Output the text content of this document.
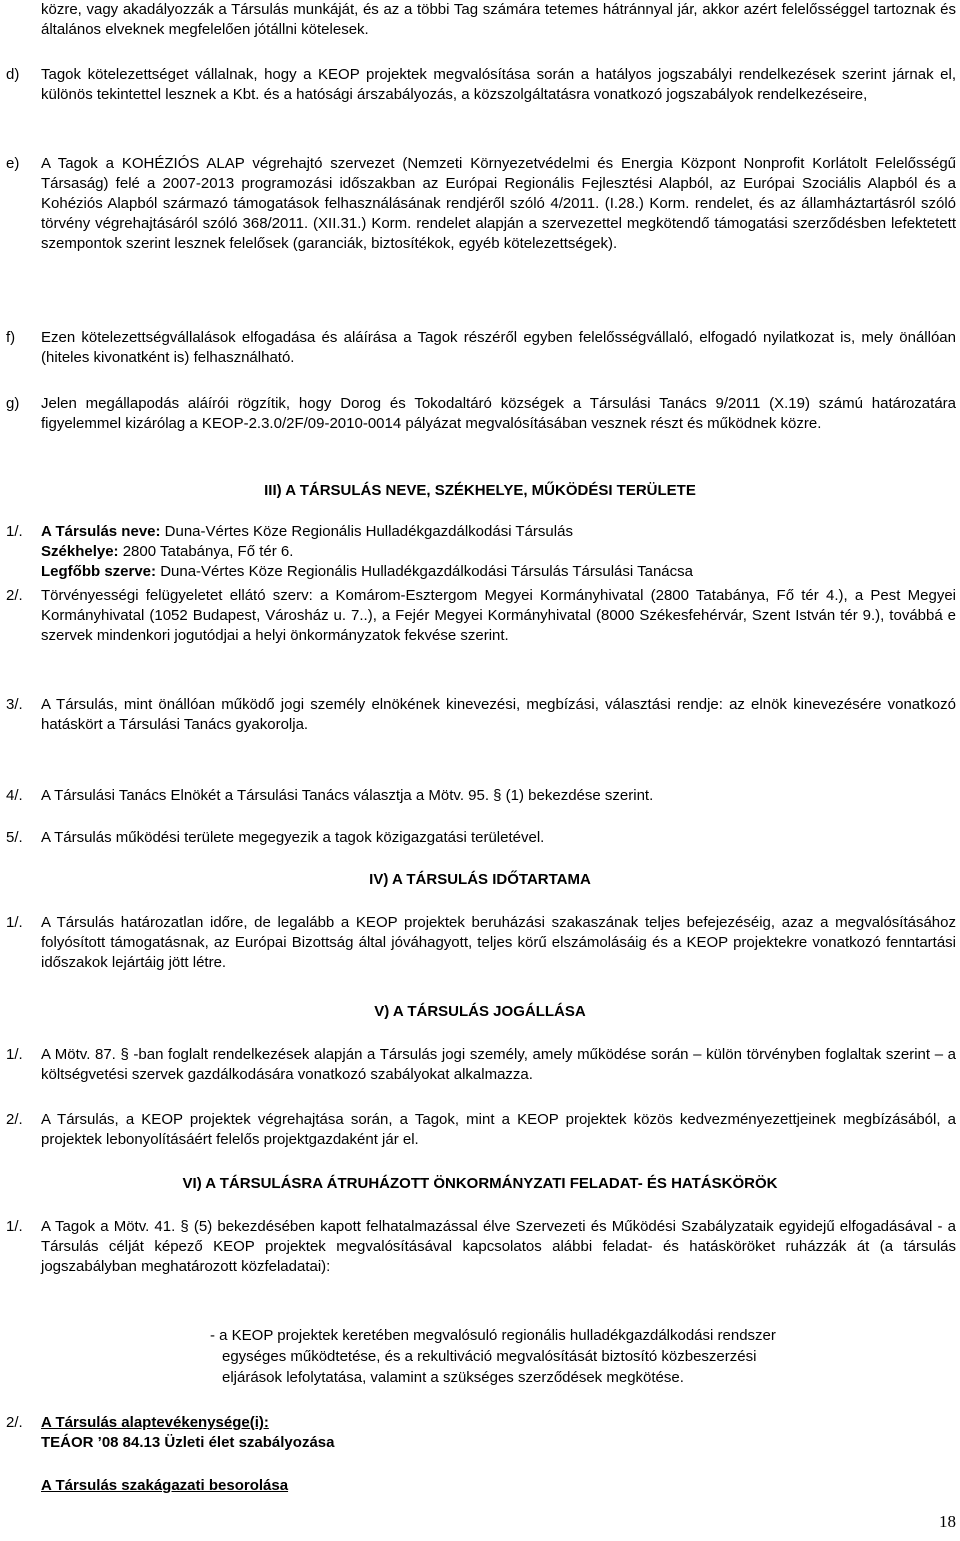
közre, vagy akadályozzák a Társulás munkáját, és az a többi Tag számára tetemes hátránnyal jár, akkor azért felelősséggel tartoznak és általános elveknek megfelelően jótállni kötelesek.
d) Tagok kötelezettséget vállalnak, hogy a KEOP projektek megvalósítása során a hatályos jogszabályi rendelkezések szerint járnak el, különös tekintettel lesznek a Kbt. és a hatósági árszabályozás, a közszolgáltatásra vonatkozó jogszabályok rendelkezéseire,
e) A Tagok a KOHÉZIÓS ALAP végrehajtó szervezet (Nemzeti Környezetvédelmi és Energia Központ Nonprofit Korlátolt Felelősségű Társaság) felé a 2007-2013 programozási időszakban az Európai Regionális Fejlesztési Alapból, az Európai Szociális Alapból és a Kohéziós Alapból származó támogatások felhasználásának rendjéről szóló 4/2011. (I.28.) Korm. rendelet, és az államháztartásról szóló törvény végrehajtásáról szóló 368/2011. (XII.31.) Korm. rendelet alapján a szervezettel megkötendő támogatási szerződésben lefektetett szempontok szerint lesznek felelősek (garanciák, biztosítékok, egyéb kötelezettségek).
f) Ezen kötelezettségvállalások elfogadása és aláírása a Tagok részéről egyben felelősségvállaló, elfogadó nyilatkozat is, mely önállóan (hiteles kivonatként is) felhasználható.
g) Jelen megállapodás aláírói rögzítik, hogy Dorog és Tokodaltáró községek a Társulási Tanács 9/2011 (X.19) számú határozatára figyelemmel kizárólag a KEOP-2.3.0/2F/09-2010-0014 pályázat megvalósításában vesznek részt és működnek közre.
III) A TÁRSULÁS NEVE, SZÉKHELYE, MŰKÖDÉSI TERÜLETE
1/. A Társulás neve: Duna-Vértes Köze Regionális Hulladékgazdálkodási Társulás
Székhelye: 2800 Tatabánya, Fő tér 6.
Legfőbb szerve: Duna-Vértes Köze Regionális Hulladékgazdálkodási Társulás Társulási Tanácsa
2/. Törvényességi felügyeletet ellátó szerv: a Komárom-Esztergom Megyei Kormányhivatal (2800 Tatabánya, Fő tér 4.), a Pest Megyei Kormányhivatal (1052 Budapest, Városház u. 7..), a Fejér Megyei Kormányhivatal (8000 Székesfehérvár, Szent István tér 9.), továbbá e szervek mindenkori jogutódjai a helyi önkormányzatok fekvése szerint.
3/. A Társulás, mint önállóan működő jogi személy elnökének kinevezési, megbízási, választási rendje: az elnök kinevezésére vonatkozó hatáskört a Társulási Tanács gyakorolja.
4/. A Társulási Tanács Elnökét a Társulási Tanács választja a Mötv. 95. § (1) bekezdése szerint.
5/. A Társulás működési területe megegyezik a tagok közigazgatási területével.
IV) A TÁRSULÁS IDŐTARTAMA
1/. A Társulás határozatlan időre, de legalább a KEOP projektek beruházási szakaszának teljes befejezéséig, azaz a megvalósításához folyósított támogatásnak, az Európai Bizottság által jóváhagyott, teljes körű elszámolásáig és a KEOP projektekre vonatkozó fenntartási időszakok lejártáig jött létre.
V) A TÁRSULÁS JOGÁLLÁSA
1/. A Mötv. 87. § -ban foglalt rendelkezések alapján a Társulás jogi személy, amely működése során – külön törvényben foglaltak szerint – a költségvetési szervek gazdálkodására vonatkozó szabályokat alkalmazza.
2/. A Társulás, a KEOP projektek végrehajtása során, a Tagok, mint a KEOP projektek közös kedvezményezettjeinek megbízásából, a projektek lebonyolításáért felelős projektgazdaként jár el.
VI) A TÁRSULÁSRA ÁTRUHÁZOTT ÖNKORMÁNYZATI FELADAT- ÉS HATÁSKÖRÖK
1/. A Tagok a Mötv. 41. § (5) bekezdésében kapott felhatalmazással élve Szervezeti és Működési Szabályzataik egyidejű elfogadásával - a Társulás célját képező KEOP projektek megvalósításával kapcsolatos alábbi feladat- és hatásköröket ruházzák át (a társulás jogszabályban meghatározott közfeladatai):
- a KEOP projektek keretében megvalósuló regionális hulladékgazdálkodási rendszer
egységes működtetése, és a rekultiváció megvalósítását biztosító közbeszerzési
eljárások lefolytatása, valamint a szükséges szerződések megkötése.
2/. A Társulás alaptevékenysége(i):
TEÁOR ’08 84.13 Üzleti élet szabályozása
A Társulás szakágazati besorolása
18
